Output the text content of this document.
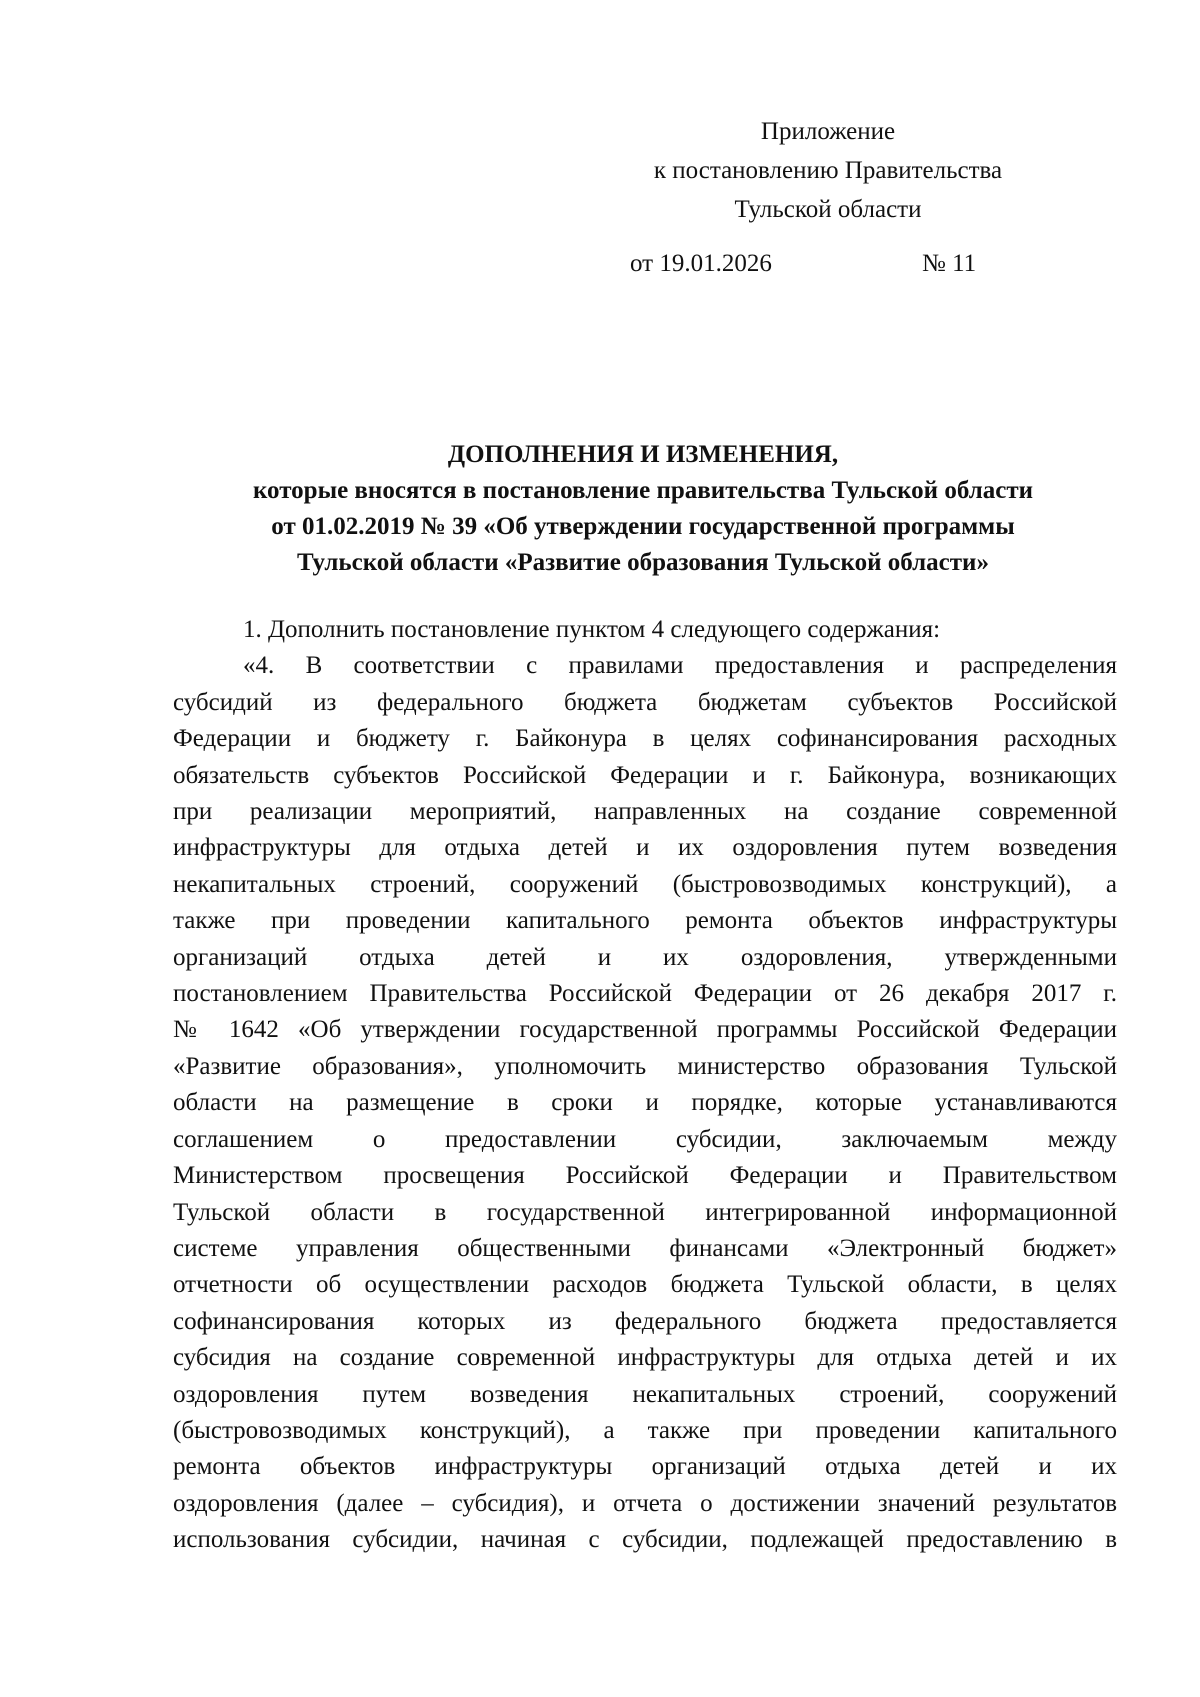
Приложение
к постановлению Правительства
Тульской области
от 19.01.2026	№ 11
ДОПОЛНЕНИЯ И ИЗМЕНЕНИЯ,
которые вносятся в постановление правительства Тульской области
от 01.02.2019 № 39 «Об утверждении государственной программы
Тульской области «Развитие образования Тульской области»
1. Дополнить постановление пунктом 4 следующего содержания:
«4. В соответствии с правилами предоставления и распределения
субсидий из федерального бюджета бюджетам субъектов Российской
Федерации и бюджету г. Байконура в целях софинансирования расходных
обязательств субъектов Российской Федерации и г. Байконура, возникающих
при реализации мероприятий, направленных на создание современной
инфраструктуры для отдыха детей и их оздоровления путем возведения
некапитальных строений, сооружений (быстровозводимых конструкций), а
также при проведении капитального ремонта объектов инфраструктуры
организаций отдыха детей и их оздоровления, утвержденными
постановлением Правительства Российской Федерации от 26 декабря 2017 г.
№ 1642 «Об утверждении государственной программы Российской Федерации
«Развитие образования», уполномочить министерство образования Тульской
области на размещение в сроки и порядке, которые устанавливаются
соглашением о предоставлении субсидии, заключаемым между
Министерством просвещения Российской Федерации и Правительством
Тульской области в государственной интегрированной информационной
системе управления общественными финансами «Электронный бюджет»
отчетности об осуществлении расходов бюджета Тульской области, в целях
софинансирования которых из федерального бюджета предоставляется
субсидия на создание современной инфраструктуры для отдыха детей и их
оздоровления путем возведения некапитальных строений, сооружений
(быстровозводимых конструкций), а также при проведении капитального
ремонта объектов инфраструктуры организаций отдыха детей и их
оздоровления (далее – субсидия), и отчета о достижении значений результатов
использования субсидии, начиная с субсидии, подлежащей предоставлению в
